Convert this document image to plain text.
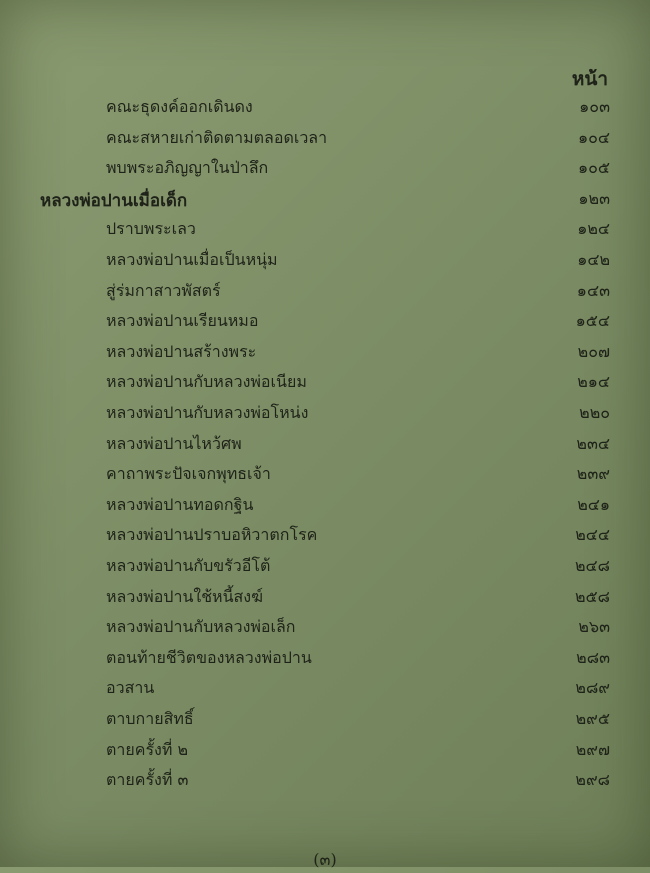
หน้า
คณะธุดงค์ออกเดินดง	๑๐๓
คณะสหายเก่าติดตามตลอดเวลา	๑๐๔
พบพระอภิญญาในป่าลึก	๑๐๕
หลวงพ่อปานเมื่อเด็ก	๑๒๓
ปราบพระเลว	๑๒๔
หลวงพ่อปานเมื่อเป็นหนุ่ม	๑๔๒
สู่ร่มกาสาวพัสตร์	๑๔๓
หลวงพ่อปานเรียนหมอ	๑๕๔
หลวงพ่อปานสร้างพระ	๒๐๗
หลวงพ่อปานกับหลวงพ่อเนียม	๒๑๔
หลวงพ่อปานกับหลวงพ่อโหน่ง	๒๒๐
หลวงพ่อปานไหว้ศพ	๒๓๔
คาถาพระปัจเจกพุทธเจ้า	๒๓๙
หลวงพ่อปานทอดกฐิน	๒๔๑
หลวงพ่อปานปราบอหิวาตกโรค	๒๔๔
หลวงพ่อปานกับขรัวอีโต้	๒๔๘
หลวงพ่อปานใช้หนี้สงฆ์	๒๕๘
หลวงพ่อปานกับหลวงพ่อเล็ก	๒๖๓
ตอนท้ายชีวิตของหลวงพ่อปาน	๒๘๓
อวสาน	๒๘๙
ตาบกายสิทธิ์	๒๙๕
ตายครั้งที่ ๒	๒๙๗
ตายครั้งที่ ๓	๒๙๘
(๓)
